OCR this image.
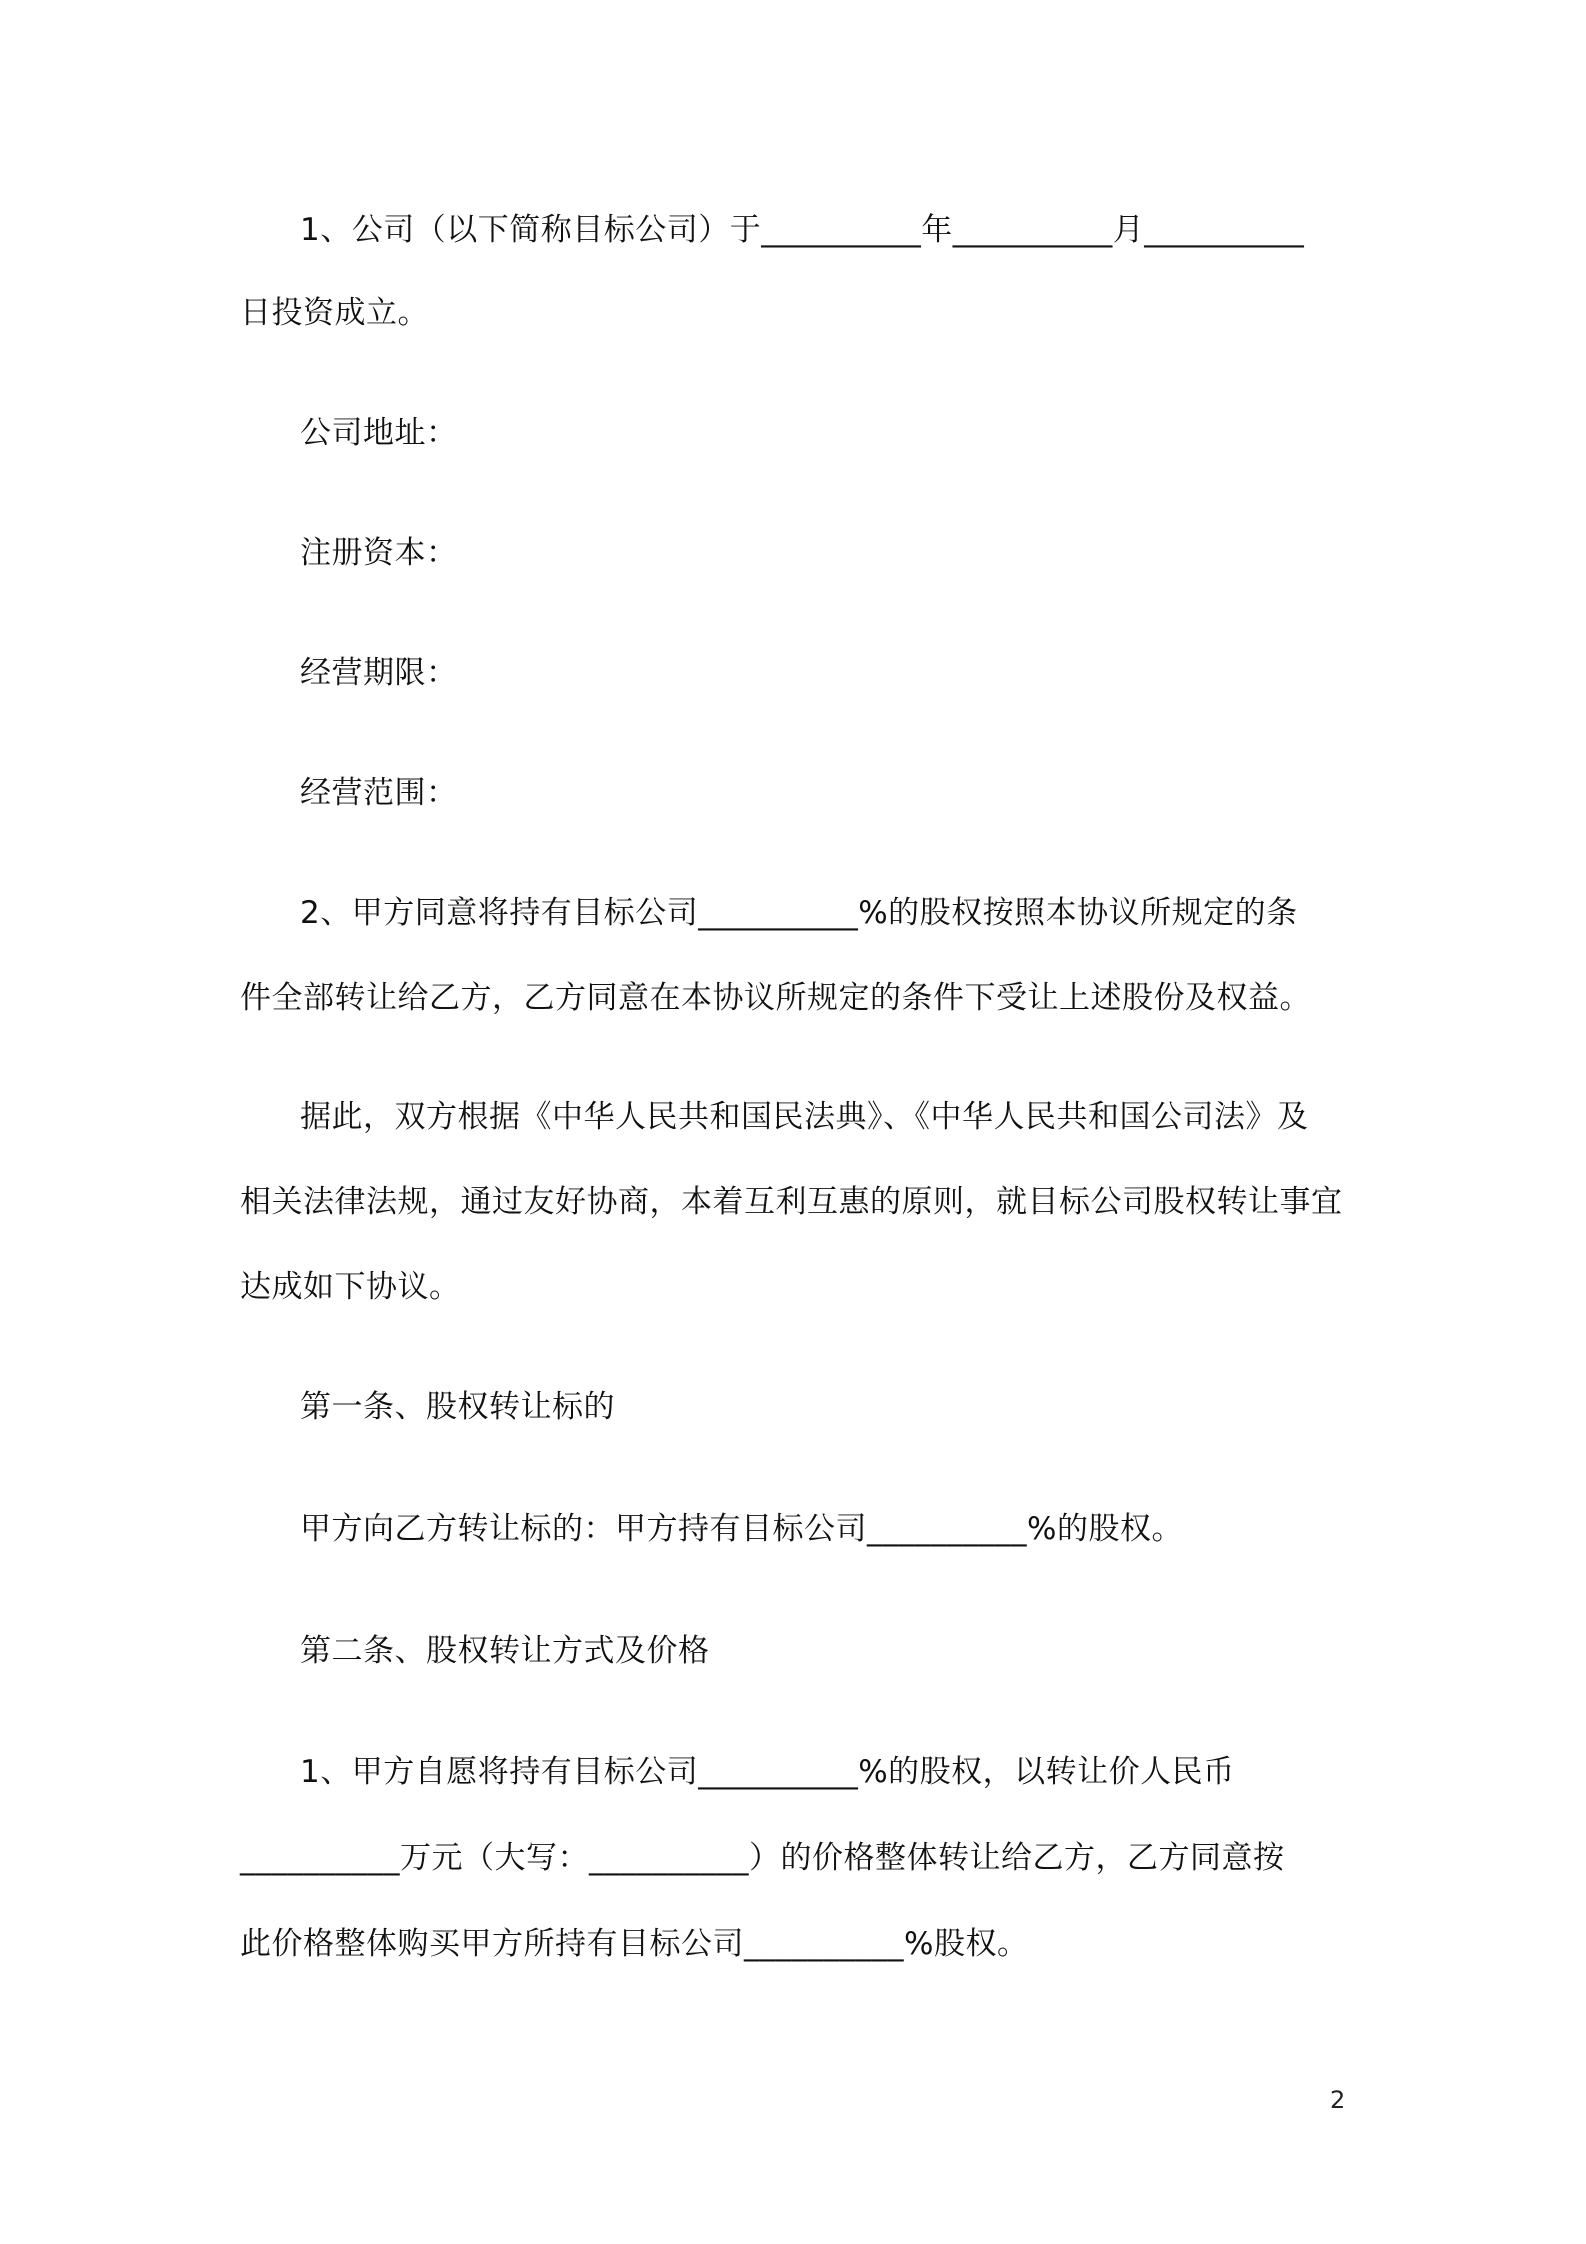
1、公司（以下简称目标公司）于__________年__________月__________
日投资成立。
公司地址：
注册资本：
经营期限：
经营范围：
2、甲方同意将持有目标公司__________%的股权按照本协议所规定的条
件全部转让给乙方，乙方同意在本协议所规定的条件下受让上述股份及权益。
据此，双方根据《中华人民共和国民法典》、《中华人民共和国公司法》及
相关法律法规，通过友好协商，本着互利互惠的原则，就目标公司股权转让事宜
达成如下协议。
第一条、股权转让标的
甲方向乙方转让标的：甲方持有目标公司__________%的股权。
第二条、股权转让方式及价格
1、甲方自愿将持有目标公司__________%的股权，以转让价人民币
__________万元（大写：__________）的价格整体转让给乙方，乙方同意按
此价格整体购买甲方所持有目标公司__________%股权。
2
